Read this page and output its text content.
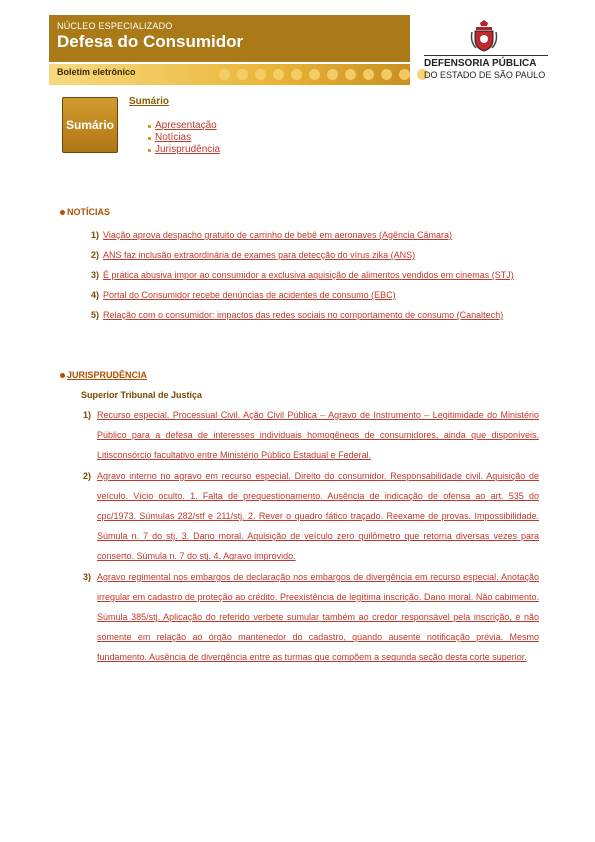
NÚCLEO ESPECIALIZADO
Defesa do Consumidor
Boletim eletrônico
DEFENSORIA PÚBLICA
DO ESTADO DE SÃO PAULO
Sumário
Sumário
Apresentação
Notícias
Jurisprudência
NOTÍCIAS
1) Viação aprova despacho gratuito de carrinho de bebê em aeronaves (Agência Câmara)
2) ANS faz inclusão extraordinária de exames para detecção do vírus zika (ANS)
3) É prática abusiva impor ao consumidor a exclusiva aquisição de alimentos vendidos em cinemas (STJ)
4) Portal do Consumidor recebe denúncias de acidentes de consumo (EBC)
5) Relação com o consumidor: impactos das redes sociais no comportamento de consumo (Canaltech)
JURISPRUDÊNCIA
Superior Tribunal de Justiça
1) Recurso especial. Processual Civil. Ação Civil Pública – Agravo de Instrumento – Legitimidade do Ministério Público para a defesa de interesses individuais homogêneos de consumidores, ainda que disponíveis. Litisconsórcio facultativo entre Ministério Público Estadual e Federal.
2) Agravo interno no agravo em recurso especial. Direito do consumidor. Responsabilidade civil. Aquisição de veículo. Vício oculto. 1. Falta de prequestionamento. Ausência de indicação de ofensa ao art. 535 do cpc/1973. Súmulas 282/stf e 211/stj. 2. Rever o quadro fático traçado. Reexame de provas. Impossibilidade. Súmula n. 7 do stj. 3. Dano moral. Aquisição de veículo zero quilômetro que retorna diversas vezes para conserto. Súmula n. 7 do stj. 4. Agravo improvido.
3) Agravo regimental nos embargos de declaração nos embargos de divergência em recurso especial. Anotação irregular em cadastro de proteção ao crédito. Preexistência de legítima inscrição. Dano moral. Não cabimento. Súmula 385/stj. Aplicação do referido verbete sumular também ao credor responsável pela inscrição, e não somente em relação ao órgão mantenedor do cadastro, quando ausente notificação prévia. Mesmo fundamento. Ausência de divergência entre as turmas que compõem a segunda seção desta corte superior.
